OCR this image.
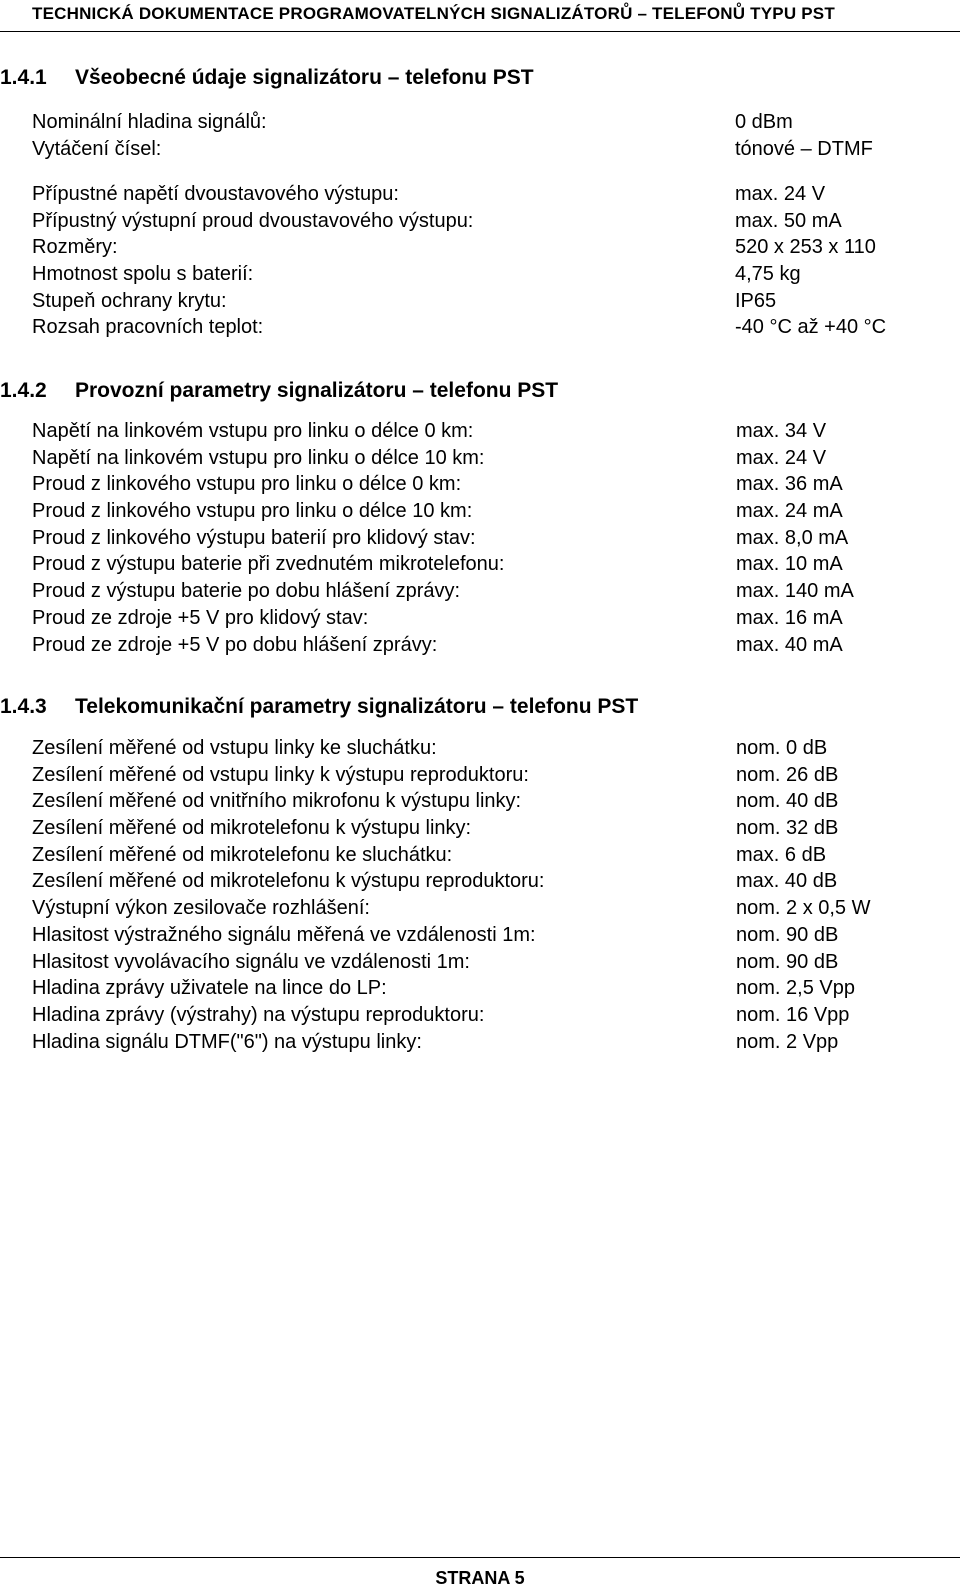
TECHNICKÁ DOKUMENTACE PROGRAMOVATELNÝCH SIGNALIZÁTORŮ – TELEFONŮ TYPU PST
1.4.1 Všeobecné údaje signalizátoru – telefonu PST
Nominální hladina signálů:	0 dBm
Vytáčení čísel:	tónové – DTMF
Přípustné napětí dvoustavového výstupu:	max. 24 V
Přípustný výstupní proud dvoustavového výstupu:	max. 50 mA
Rozměry:	520 x 253 x 110
Hmotnost spolu s baterií:	4,75 kg
Stupeň ochrany krytu:	IP65
Rozsah pracovních teplot:	-40 °C až +40 °C
1.4.2 Provozní parametry signalizátoru – telefonu PST
Napětí na linkovém vstupu pro linku o délce 0 km:	max. 34 V
Napětí na linkovém vstupu pro linku o délce 10 km:	max. 24 V
Proud z linkového vstupu pro linku o délce 0 km:	max. 36 mA
Proud z linkového vstupu pro linku o délce 10 km:	max. 24 mA
Proud z linkového výstupu baterií pro klidový stav:	max. 8,0 mA
Proud z výstupu baterie při zvednutém mikrotelefonu:	max. 10 mA
Proud z výstupu baterie po dobu hlášení zprávy:	max. 140 mA
Proud ze zdroje +5 V pro klidový stav:	max. 16 mA
Proud ze zdroje +5 V po dobu hlášení zprávy:	max. 40 mA
1.4.3 Telekomunikační parametry signalizátoru – telefonu PST
Zesílení měřené od vstupu linky ke sluchátku:	nom. 0 dB
Zesílení měřené od vstupu linky k výstupu reproduktoru:	nom. 26 dB
Zesílení měřené od vnitřního mikrofonu k výstupu linky:	nom. 40 dB
Zesílení měřené od mikrotelefonu k výstupu linky:	nom. 32 dB
Zesílení měřené od mikrotelefonu ke sluchátku:	max. 6 dB
Zesílení měřené od mikrotelefonu k výstupu reproduktoru:	max. 40 dB
Výstupní výkon zesilovače rozhlášení:	nom. 2 x 0,5 W
Hlasitost výstražného signálu měřená ve vzdálenosti 1m:	nom. 90 dB
Hlasitost vyvolávacího signálu ve vzdálenosti 1m:	nom. 90 dB
Hladina zprávy uživatele na lince do LP:	nom. 2,5 Vpp
Hladina zprávy (výstrahy) na výstupu reproduktoru:	nom. 16 Vpp
Hladina signálu DTMF("6") na výstupu linky:	nom. 2 Vpp
STRANA 5
